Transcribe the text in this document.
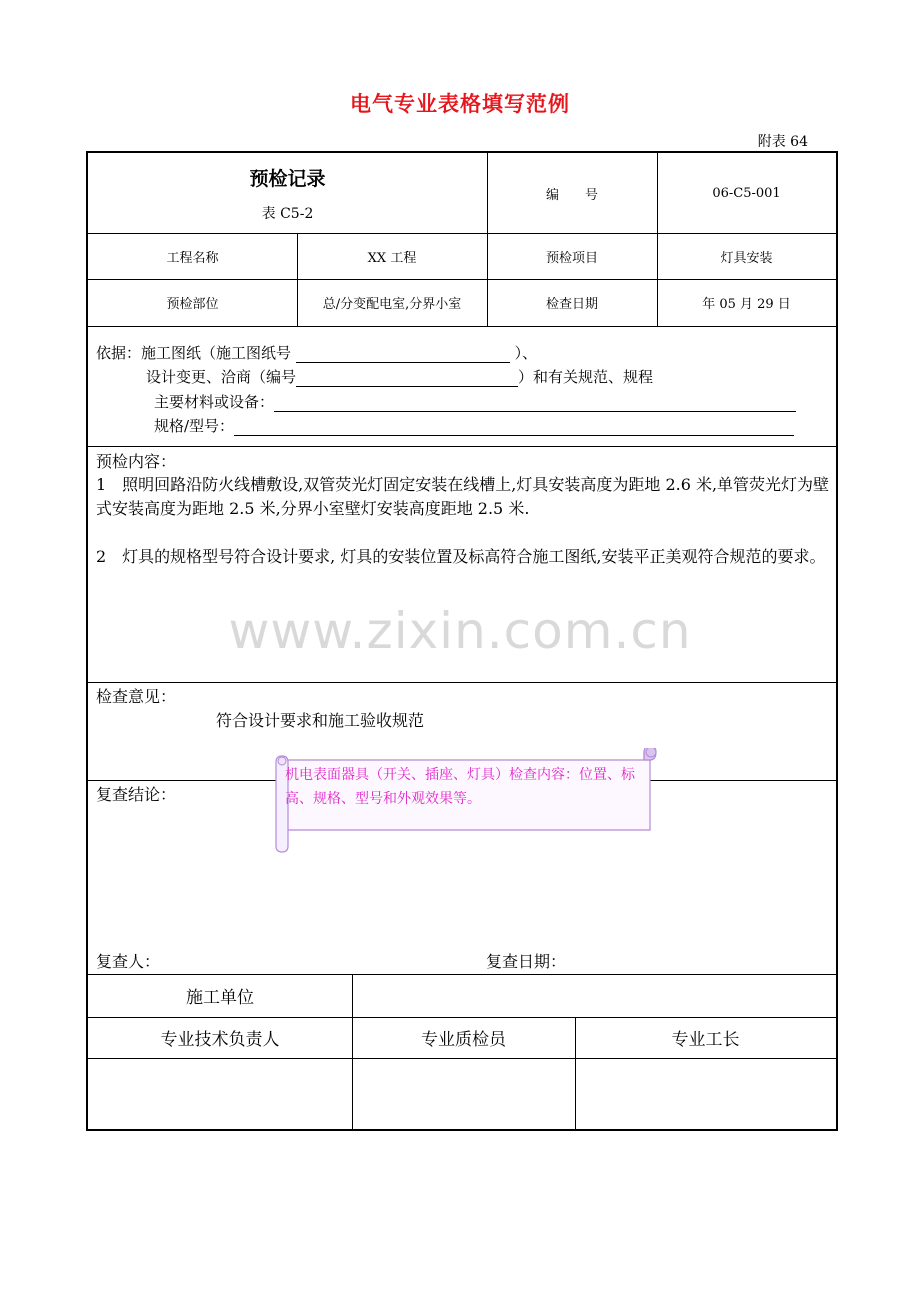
电气专业表格填写范例
附表 64
www.zixin.com.cn
预检记录
表 C5-2
编　　号	06-C5-001
工程名称	XX 工程	预检项目	灯具安装
预检部位	总/分变配电室,分界小室	检查日期	年 05 月 29 日
依据：施工图纸（施工图纸号	）、
设计变更、洽商（编号	）和有关规范、规程
主要材料或设备：
规格/型号：
预检内容：
1　照明回路沿防火线槽敷设,双管荧光灯固定安装在线槽上,灯具安装高度为距地 2.6 米,单管荧光灯为壁式安装高度为距地 2.5 米,分界小室壁灯安装高度距地 2.5 米.
2　灯具的规格型号符合设计要求, 灯具的安装位置及标高符合施工图纸,安装平正美观符合规范的要求。
检查意见：
符合设计要求和施工验收规范
复查结论：
复查人：	复查日期：
施工单位
专业技术负责人	专业质检员	专业工长
机电表面器具（开关、插座、灯具）检查内容：位置、标高、规格、型号和外观效果等。
